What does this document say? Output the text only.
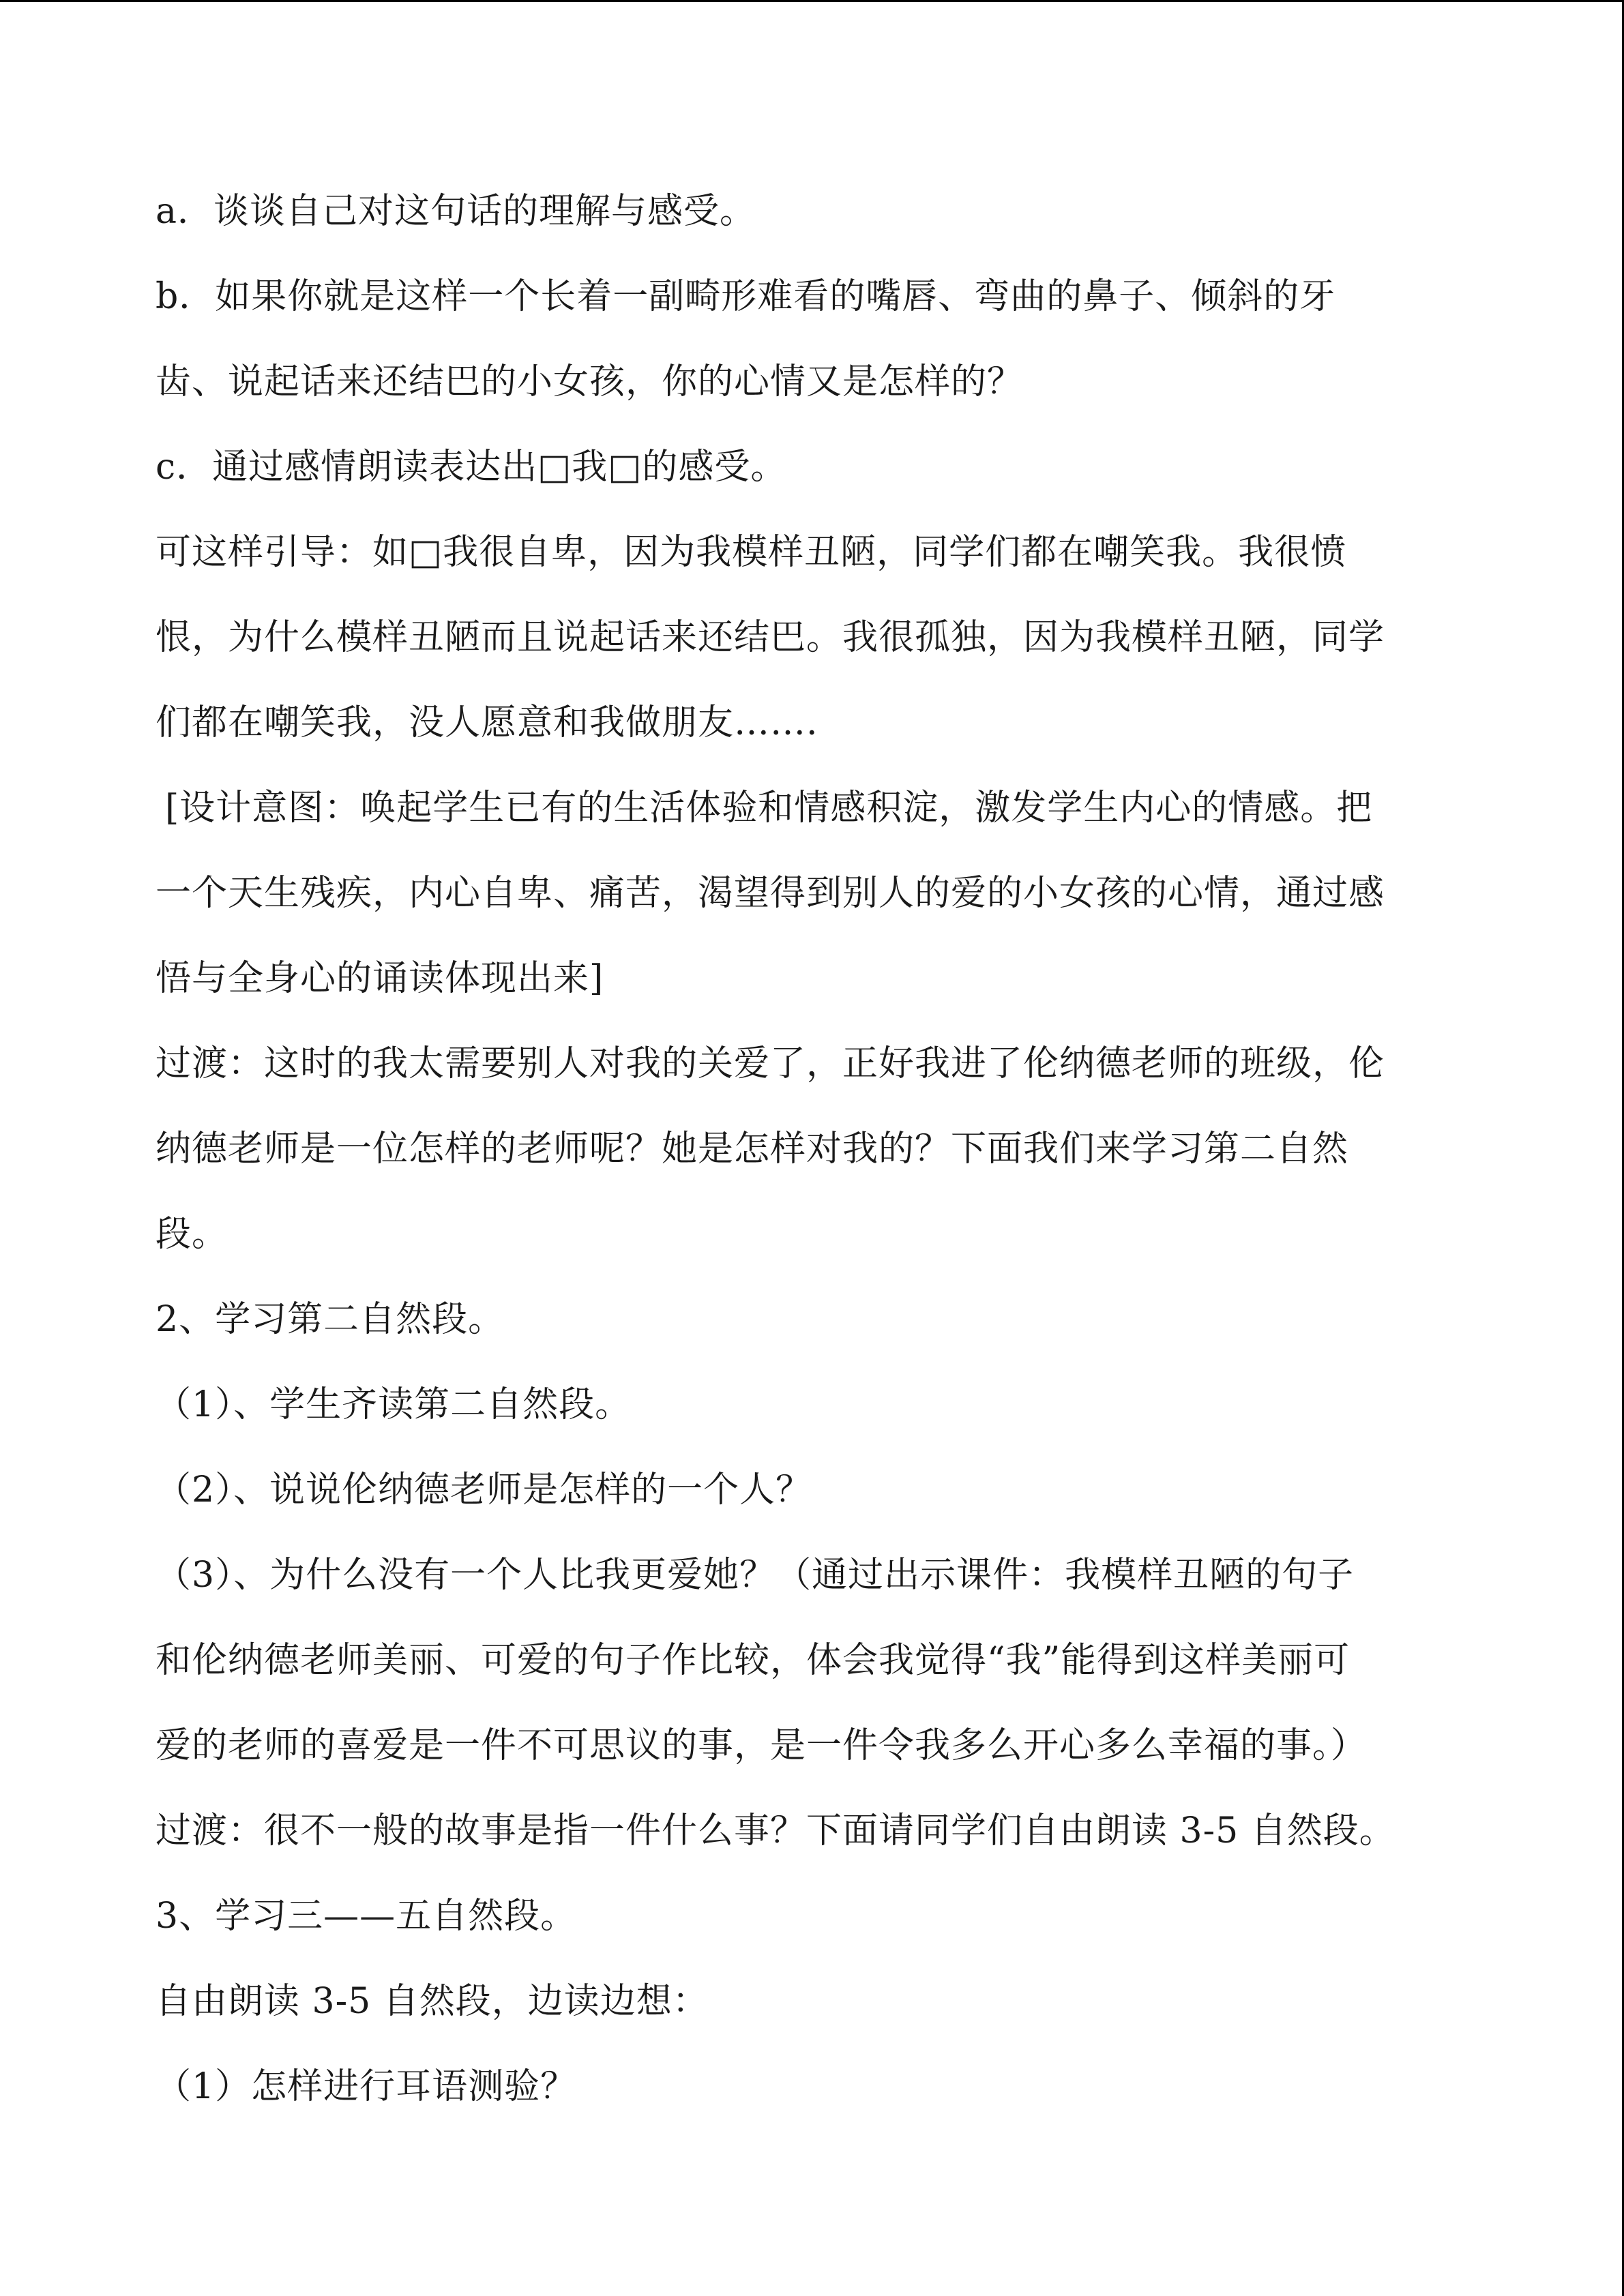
a．谈谈自己对这句话的理解与感受。
b．如果你就是这样一个长着一副畸形难看的嘴唇、弯曲的鼻子、倾斜的牙
齿、说起话来还结巴的小女孩，你的心情又是怎样的？
c．通过感情朗读表达出□我□的感受。
可这样引导：如□我很自卑，因为我模样丑陋，同学们都在嘲笑我。我很愤
恨，为什么模样丑陋而且说起话来还结巴。我很孤独，因为我模样丑陋，同学
们都在嘲笑我，没人愿意和我做朋友…….
[设计意图：唤起学生已有的生活体验和情感积淀，激发学生内心的情感。把
一个天生残疾，内心自卑、痛苦，渴望得到别人的爱的小女孩的心情，通过感
悟与全身心的诵读体现出来]
过渡：这时的我太需要别人对我的关爱了，正好我进了伦纳德老师的班级，伦
纳德老师是一位怎样的老师呢？她是怎样对我的？下面我们来学习第二自然
段。
2、学习第二自然段。
（1）、学生齐读第二自然段。
（2）、说说伦纳德老师是怎样的一个人？
（3）、为什么没有一个人比我更爱她？（通过出示课件：我模样丑陋的句子
和伦纳德老师美丽、可爱的句子作比较，体会我觉得“我”能得到这样美丽可
爱的老师的喜爱是一件不可思议的事，是一件令我多么开心多么幸福的事。）
过渡：很不一般的故事是指一件什么事？下面请同学们自由朗读 3-5 自然段。
3、学习三——五自然段。
自由朗读 3-5 自然段，边读边想：
（1）怎样进行耳语测验？
